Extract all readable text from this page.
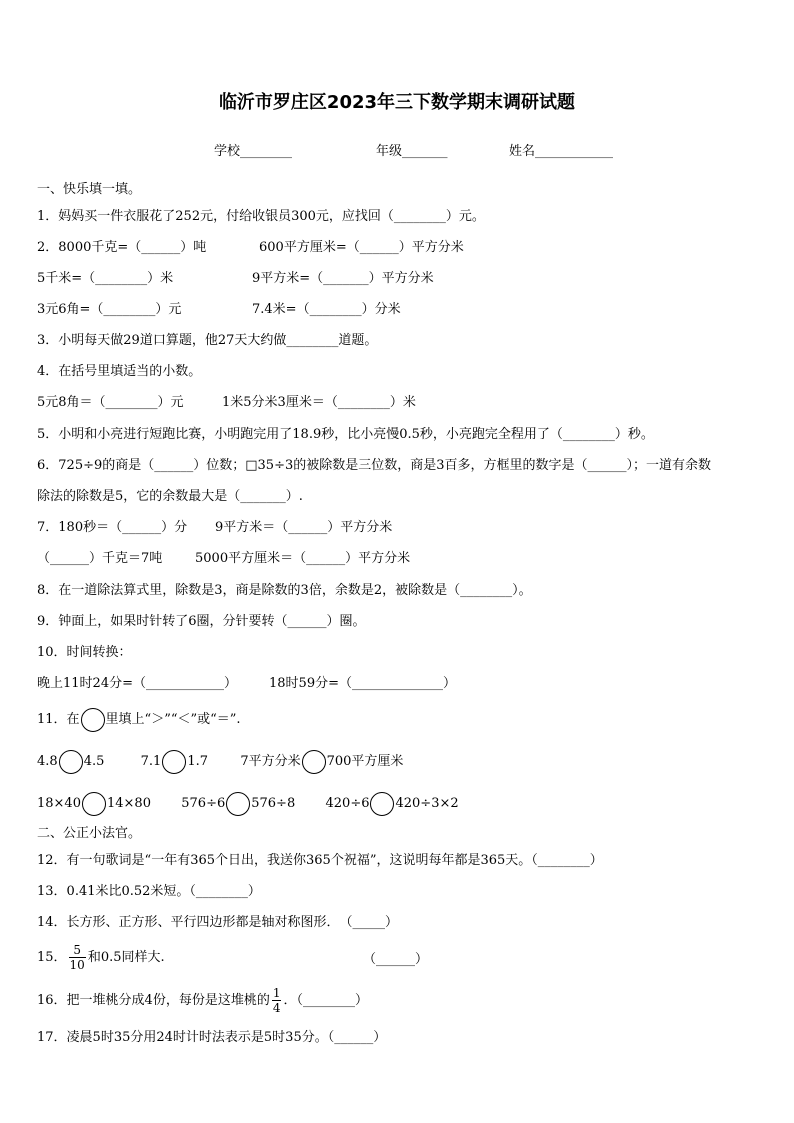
临沂市罗庄区2023年三下数学期末调研试题
学校________	年级_______	姓名____________
一、快乐填一填。
1．妈妈买一件衣服花了252元，付给收银员300元，应找回（________）元。
2．8000千克=（______）吨	600平方厘米=（______）平方分米
5千米=（________）米	9平方米=（_______）平方分米
3元6角=（________）元	7.4米=（________）分米
3．小明每天做29道口算题，他27天大约做________道题。
4．在括号里填适当的小数。
5元8角＝（________）元	1米5分米3厘米＝（________）米
5．小明和小亮进行短跑比赛，小明跑完用了18.9秒，比小亮慢0.5秒，小亮跑完全程用了（________）秒。
6．725÷9的商是（______）位数；□35÷3的被除数是三位数，商是3百多，方框里的数字是（______）；一道有余数
除法的除数是5，它的余数最大是（_______）.
7．180秒＝（______）分 9平方米＝（______）平方分米
（______）千克＝7吨	5000平方厘米＝（______）平方分米
8．在一道除法算式里，除数是3，商是除数的3倍，余数是2，被除数是（________）。
9．钟面上，如果时针转了6圈，分针要转（______）圈。
10．时间转换：
晚上11时24分=（____________） 18时59分=（______________）
11．在 里填上“＞”“＜”或“＝”.
4.8 4.5	7.1 1.7 7平方分米 700平方厘米
18×40 14×80 576÷6 576÷8 420÷6 420÷3×2
二、公正小法官。
12．有一句歌词是“一年有365个日出，我送你365个祝福”，这说明每年都是365天。（________）
13．0.41米比0.52米短。（________）
14．长方形、正方形、平行四边形都是轴对称图形．　（_____）
15． $\frac{5}{10}$ 和0.5同样大.	（______）
16．把一堆桃分成4份，每份是这堆桃的 $\frac{1}{4}$ ．（________）
17．凌晨5时35分用24时计时法表示是5时35分。（______）
